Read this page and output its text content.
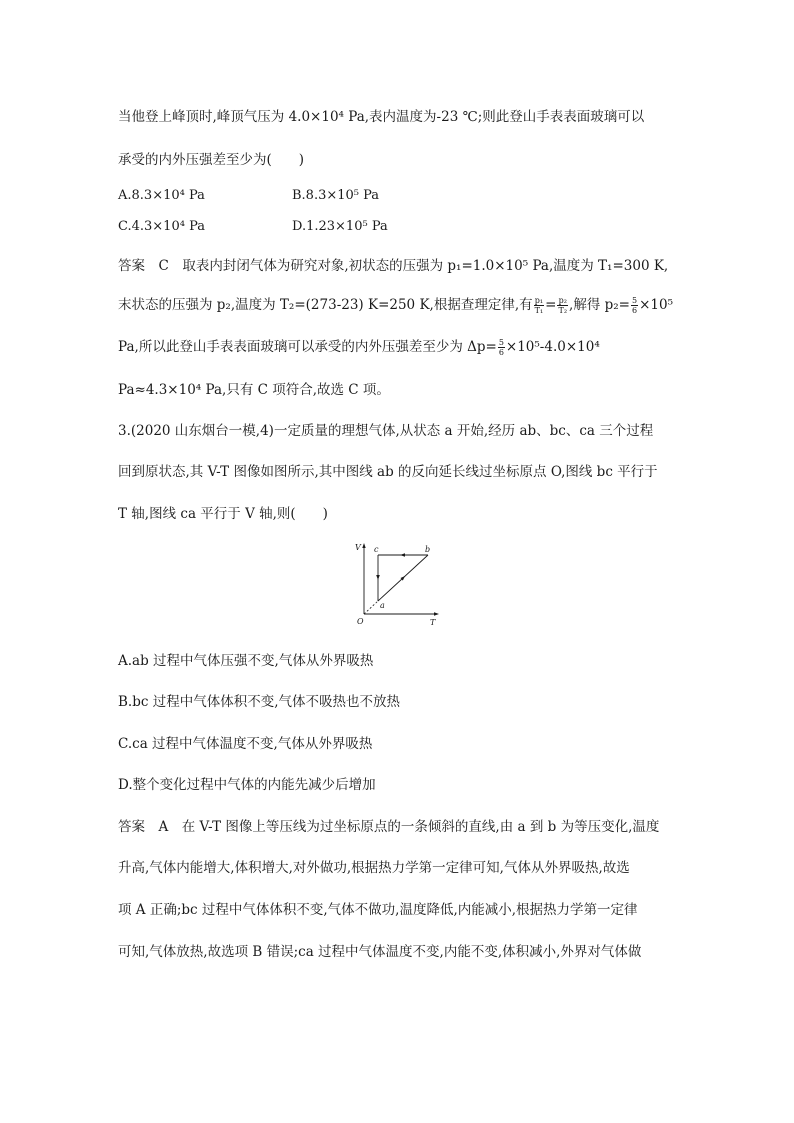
当他登上峰顶时,峰顶气压为 4.0×10⁴ Pa,表内温度为-23 ℃;则此登山手表表面玻璃可以
承受的内外压强差至少为(　　)
A.8.3×10⁴ Pa	B.8.3×10⁵ Pa
C.4.3×10⁴ Pa	D.1.23×10⁵ Pa
答案　C　取表内封闭气体为研究对象,初状态的压强为 p₁=1.0×10⁵ Pa,温度为 T₁=300 K,
末状态的压强为 p₂,温度为 T₂=(273-23) K=250 K,根据查理定律,有 $\frac{\text{p₁}}{\text{T₁}} = \frac{\text{p₂}}{\text{T₂}}$ ,解得 $p_2= \frac{5}{6} \times 10^5$
Pa,所以此登山手表表面玻璃可以承受的内外压强差至少为 $\Delta p= \frac{5}{6} \times 10^5-4.0\times 10^4$
Pa≈4.3×10⁴ Pa,只有 C 项符合,故选 C 项。
3.(2020 山东烟台一模,4)一定质量的理想气体,从状态 a 开始,经历 ab、bc、ca 三个过程
回到原状态,其 V-T 图像如图所示,其中图线 ab 的反向延长线过坐标原点 O,图线 bc 平行于
T 轴,图线 ca 平行于 V 轴,则(　　)
V
T
O
a
b
c
A.ab 过程中气体压强不变,气体从外界吸热
B.bc 过程中气体体积不变,气体不吸热也不放热
C.ca 过程中气体温度不变,气体从外界吸热
D.整个变化过程中气体的内能先减少后增加
答案　A　在 V-T 图像上等压线为过坐标原点的一条倾斜的直线,由 a 到 b 为等压变化,温度
升高,气体内能增大,体积增大,对外做功,根据热力学第一定律可知,气体从外界吸热,故选
项 A 正确;bc 过程中气体体积不变,气体不做功,温度降低,内能减小,根据热力学第一定律
可知,气体放热,故选项 B 错误;ca 过程中气体温度不变,内能不变,体积减小,外界对气体做
